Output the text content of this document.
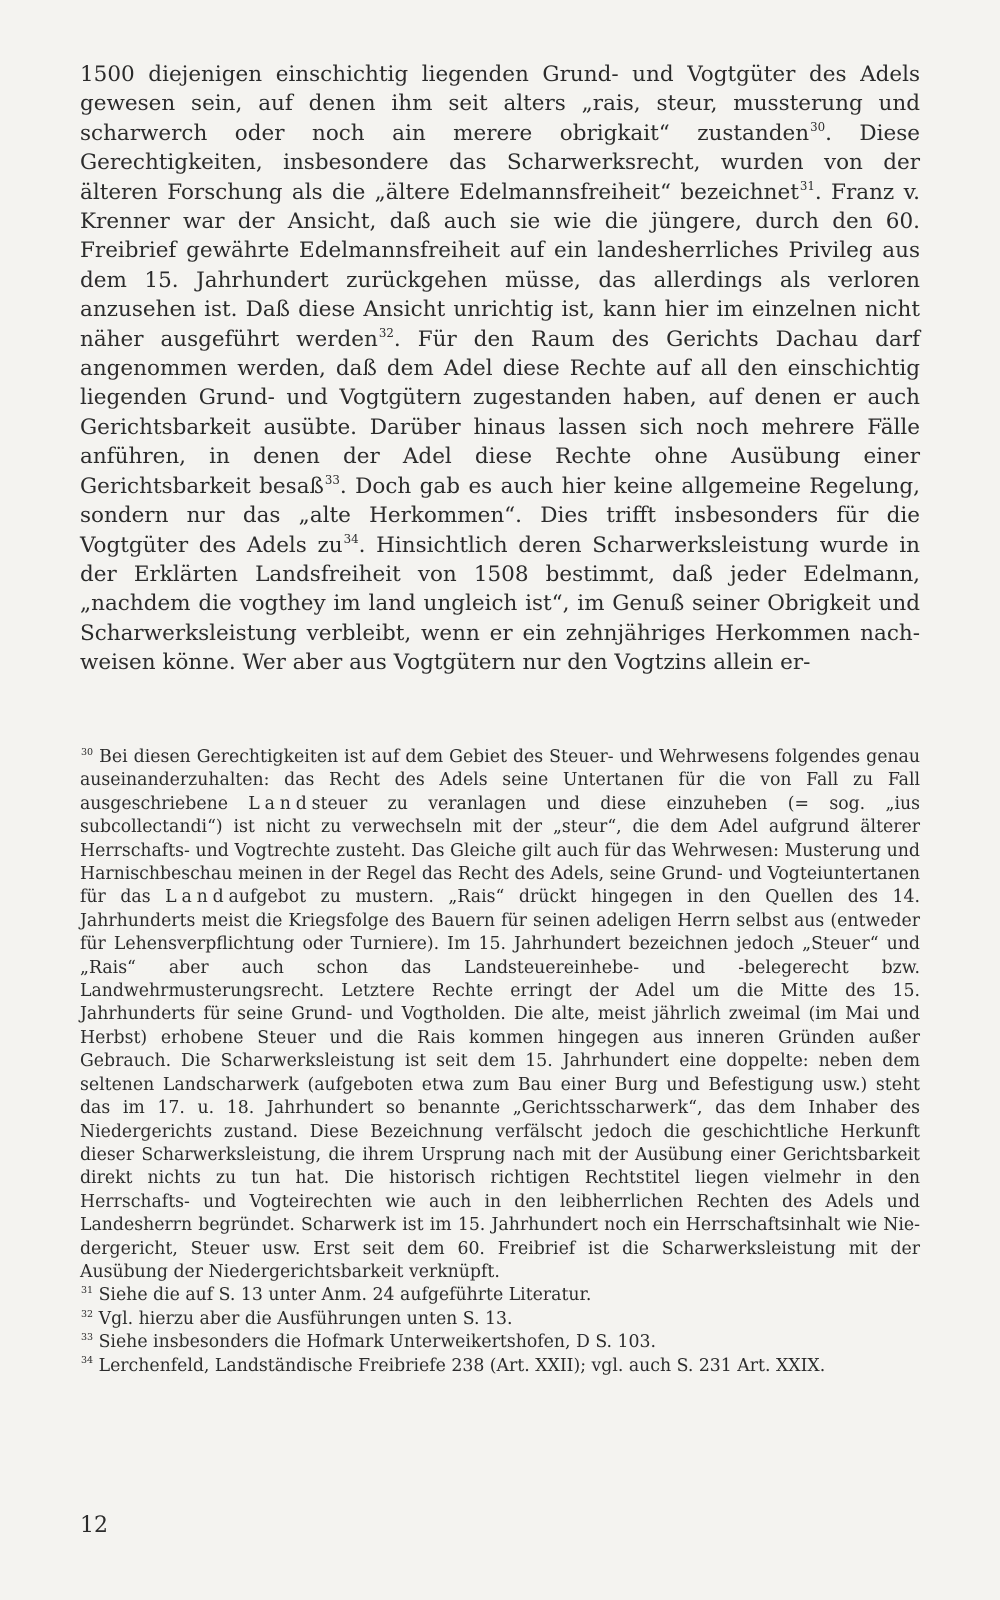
1500 diejenigen einschichtig liegenden Grund- und Vogtgüter des Adels gewesen sein, auf denen ihm seit alters „rais, steur, mussterung und scharwerch oder noch ain merere obrigkait“ zustanden$^{30}$. Diese Gerechtigkeiten, insbesondere das Scharwerksrecht, wurden von der älteren Forschung als die „ältere Edelmannsfreiheit“ bezeichnet$^{31}$. Franz v. Krenner war der Ansicht, daß auch sie wie die jüngere, durch den 60. Freibrief gewährte Edelmannsfreiheit auf ein landesherrliches Privileg aus dem 15. Jahrhundert zurückgehen müsse, das allerdings als verloren anzusehen ist. Daß diese Ansicht unrichtig ist, kann hier im einzelnen nicht näher ausgeführt werden$^{32}$. Für den Raum des Gerichts Dachau darf angenommen werden, daß dem Adel diese Rechte auf all den einschichtig liegenden Grund- und Vogtgütern zugestanden haben, auf denen er auch Gerichtsbarkeit ausübte. Darüber hinaus lassen sich noch mehrere Fälle anführen, in denen der Adel diese Rechte ohne Ausübung einer Gerichtsbarkeit besaß$^{33}$. Doch gab es auch hier keine allgemeine Regelung, sondern nur das „alte Herkommen“. Dies trifft insbesonders für die Vogtgüter des Adels zu$^{34}$. Hinsichtlich deren Scharwerksleistung wurde in der Erklärten Landsfreiheit von 1508 bestimmt, daß jeder Edelmann, „nachdem die vogthey im land ungleich ist“, im Genuß seiner Obrigkeit und Scharwerksleistung verbleibt, wenn er ein zehnjähriges Herkommen nachweisen könne. Wer aber aus Vogtgütern nur den Vogtzins allein er-

$^{30}$ Bei diesen Gerechtigkeiten ist auf dem Gebiet des Steuer- und Wehrwesens folgendes genau auseinanderzuhalten: das Recht des Adels seine Untertanen für die von Fall zu Fall ausgeschriebene Landsteuer zu veranlagen und diese einzuheben (= sog. „ius subcollectandi“) ist nicht zu verwechseln mit der „steur“, die dem Adel aufgrund älterer Herrschafts- und Vogtrechte zusteht. Das Gleiche gilt auch für das Wehrwesen: Musterung und Harnischbeschau meinen in der Regel das Recht des Adels, seine Grund- und Vogteiuntertanen für das Landaufgebot zu mustern. „Rais“ drückt hingegen in den Quellen des 14. Jahrhunderts meist die Kriegsfolge des Bauern für seinen adeligen Herrn selbst aus (entweder für Lehensverpflichtung oder Turniere). Im 15. Jahrhundert bezeichnen jedoch „Steuer“ und „Rais“ aber auch schon das Landsteuereinhebe- und -belegerecht bzw. Landwehrmusterungsrecht. Letztere Rechte erringt der Adel um die Mitte des 15. Jahrhunderts für seine Grund- und Vogtholden. Die alte, meist jährlich zweimal (im Mai und Herbst) erhobene Steuer und die Rais kommen hingegen aus inneren Gründen außer Gebrauch. Die Scharwerksleistung ist seit dem 15. Jahrhundert eine doppelte: neben dem seltenen Landscharwerk (aufgeboten etwa zum Bau einer Burg und Befestigung usw.) steht das im 17. u. 18. Jahrhundert so benannte „Gerichtsscharwerk“, das dem Inhaber des Niedergerichts zustand. Diese Bezeichnung verfälscht jedoch die geschichtliche Herkunft dieser Scharwerksleistung, die ihrem Ursprung nach mit der Ausübung einer Gerichtsbarkeit direkt nichts zu tun hat. Die historisch richtigen Rechtstitel liegen vielmehr in den Herrschafts- und Vogteirechten wie auch in den leibherrlichen Rechten des Adels und Landesherrn begründet. Scharwerk ist im 15. Jahrhundert noch ein Herrschaftsinhalt wie Niedergericht, Steuer usw. Erst seit dem 60. Freibrief ist die Scharwerksleistung mit der Ausübung der Niedergerichtsbarkeit verknüpft.

$^{31}$ Siehe die auf S. 13 unter Anm. 24 aufgeführte Literatur.

$^{32}$ Vgl. hierzu aber die Ausführungen unten S. 13.

$^{33}$ Siehe insbesonders die Hofmark Unterweikertshofen, D S. 103.

$^{34}$ Lerchenfeld, Landständische Freibriefe 238 (Art. XXII); vgl. auch S. 231 Art. XXIX.

12
